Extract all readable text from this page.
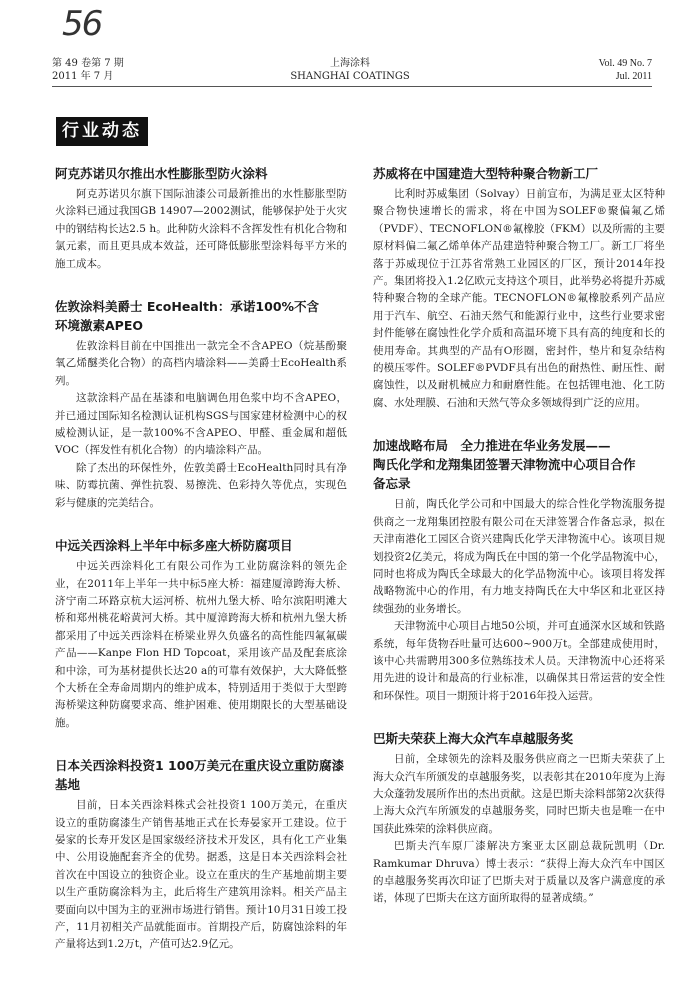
56
第 49 卷第 7 期
2011 年 7 月
上海涂料
SHANGHAI COATINGS
Vol. 49 No. 7
Jul. 2011
行业动态
阿克苏诺贝尔推出水性膨胀型防火涂料

阿克苏诺贝尔旗下国际油漆公司最新推出的水性膨胀型防火涂料已通过我国GB 14907—2002测试，能够保护处于火灾中的钢结构长达2.5 h。此种防火涂料不含挥发性有机化合物和氯元素，而且更具成本效益，还可降低膨胀型涂料每平方米的施工成本。

佐敦涂料美爵士 EcoHealth：承诺100%不含
环境激素APEO

佐敦涂料目前在中国推出一款完全不含APEO（烷基酚聚氧乙烯醚类化合物）的高档内墙涂料——美爵士EcoHealth系列。

这款涂料产品在基漆和电脑调色用色浆中均不含APEO，并已通过国际知名检测认证机构SGS与国家建材检测中心的权威检测认证，是一款100%不含APEO、甲醛、重金属和超低VOC（挥发性有机化合物）的内墙涂料产品。

除了杰出的环保性外，佐敦美爵士EcoHealth同时具有净味、防霉抗菌、弹性抗裂、易擦洗、色彩持久等优点，实现色彩与健康的完美结合。

中远关西涂料上半年中标多座大桥防腐项目

中远关西涂料化工有限公司作为工业防腐涂料的领先企业，在2011年上半年一共中标5座大桥：福建厦漳跨海大桥、济宁南二环路京杭大运河桥、杭州九堡大桥、哈尔滨阳明滩大桥和郑州桃花峪黄河大桥。其中厦漳跨海大桥和杭州九堡大桥都采用了中远关西涂料在桥梁业界久负盛名的高性能四氟氟碳产品——Kanpe Flon HD Topcoat，采用该产品及配套底涂和中涂，可为基材提供长达20 a的可靠有效保护，大大降低整个大桥在全寿命周期内的维护成本，特别适用于类似于大型跨海桥梁这种防腐要求高、维护困难、使用期限长的大型基础设施。

日本关西涂料投资1 100万美元在重庆设立重防腐漆
基地

目前，日本关西涂料株式会社投资1 100万美元，在重庆设立的重防腐漆生产销售基地正式在长寿晏家开工建设。位于晏家的长寿开发区是国家级经济技术开发区，具有化工产业集中、公用设施配套齐全的优势。据悉，这是日本关西涂料会社首次在中国设立的独资企业。设立在重庆的生产基地前期主要以生产重防腐涂料为主，此后将生产建筑用涂料。相关产品主要面向以中国为主的亚洲市场进行销售。预计10月31日竣工投产，11月初相关产品就能面市。首期投产后，防腐蚀涂料的年产量将达到1.2万t，产值可达2.9亿元。

苏威将在中国建造大型特种聚合物新工厂

比利时苏威集团（Solvay）日前宣布，为满足亚太区特种聚合物快速增长的需求，将在中国为SOLEF®聚偏氟乙烯（PVDF）、TECNOFLON®氟橡胶（FKM）以及所需的主要原材料偏二氟乙烯单体产品建造特种聚合物工厂。新工厂将坐落于苏威现位于江苏省常熟工业园区的厂区，预计2014年投产。集团将投入1.2亿欧元支持这个项目，此举势必将提升苏威特种聚合物的全球产能。TECNOFLON®氟橡胶系列产品应用于汽车、航空、石油天然气和能源行业中，这些行业要求密封件能够在腐蚀性化学介质和高温环境下具有高的纯度和长的使用寿命。其典型的产品有O形圈，密封件，垫片和复杂结构的模压零件。SOLEF®PVDF具有出色的耐热性、耐压性、耐腐蚀性，以及耐机械应力和耐磨性能。在包括锂电池、化工防腐、水处理膜、石油和天然气等众多领域得到广泛的应用。

加速战略布局　全力推进在华业务发展——
陶氏化学和龙翔集团签署天津物流中心项目合作
备忘录

日前，陶氏化学公司和中国最大的综合性化学物流服务提供商之一龙翔集团控股有限公司在天津签署合作备忘录，拟在天津南港化工园区合资兴建陶氏化学天津物流中心。该项目规划投资2亿美元，将成为陶氏在中国的第一个化学品物流中心，同时也将成为陶氏全球最大的化学品物流中心。该项目将发挥战略物流中心的作用，有力地支持陶氏在大中华区和北亚区持续强劲的业务增长。

天津物流中心项目占地50公顷，并可直通深水区域和铁路系统，每年货物吞吐量可达600~900万t。全部建成使用时，该中心共需聘用300多位熟练技术人员。天津物流中心还将采用先进的设计和最高的行业标准，以确保其日常运营的安全性和环保性。项目一期预计将于2016年投入运营。

巴斯夫荣获上海大众汽车卓越服务奖

日前，全球领先的涂料及服务供应商之一巴斯夫荣获了上海大众汽车所颁发的卓越服务奖，以表彰其在2010年度为上海大众蓬勃发展所作出的杰出贡献。这是巴斯夫涂料部第2次获得上海大众汽车所颁发的卓越服务奖，同时巴斯夫也是唯一在中国获此殊荣的涂料供应商。

巴斯夫汽车原厂漆解决方案亚太区副总裁阮凯明（Dr. Ramkumar Dhruva）博士表示：“获得上海大众汽车中国区的卓越服务奖再次印证了巴斯夫对于质量以及客户满意度的承诺，体现了巴斯夫在这方面所取得的显著成绩。”
